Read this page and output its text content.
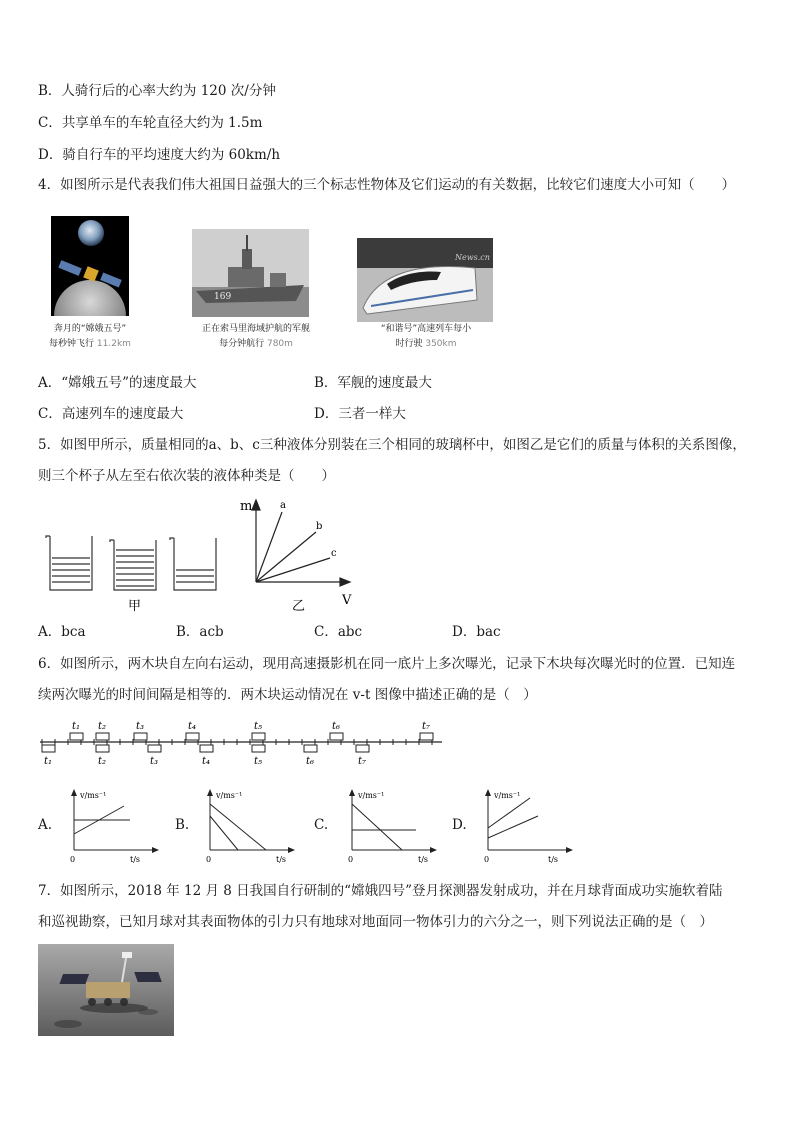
B．人骑行后的心率大约为 120 次/分钟
C．共享单车的车轮直径大约为 1.5m
D．骑自行车的平均速度大约为 60km/h
4．如图所示是代表我们伟大祖国日益强大的三个标志性物体及它们运动的有关数据，比较它们速度大小可知（　　）
奔月的“嫦娥五号”
每秒钟飞行 11.2km
169
正在索马里海域护航的军舰
每分钟航行 780m
News.cn
“和谐号”高速列车每小
时行驶 350km
A．“嫦娥五号”的速度最大	B．军舰的速度最大
C．高速列车的速度最大	D．三者一样大
5．如图甲所示，质量相同的a、b、c三种液体分别装在三个相同的玻璃杯中，如图乙是它们的质量与体积的关系图像，
则三个杯子从左至右依次装的液体种类是（　　）
甲
m
V
a
b
c
乙
A．bca	B．acb	C．abc	D．bac
6．如图所示，两木块自左向右运动，现用高速摄影机在同一底片上多次曝光，记录下木块每次曝光时的位置．已知连
续两次曝光的时间间隔是相等的．两木块运动情况在 v-t 图像中描述正确的是（　）
t₁ t₂	t₃	t₄	t₅	t₆	t₇
t₁	t₂	t₃	t₄	t₅	t₆	t₇
A.	B.	C.	D.
v/ms⁻¹
t/s
0
v/ms⁻¹
t/s
0
v/ms⁻¹
t/s
0
v/ms⁻¹
t/s
0
7．如图所示，2018 年 12 月 8 日我国自行研制的“嫦娥四号”登月探测器发射成功，并在月球背面成功实施软着陆
和巡视勘察，已知月球对其表面物体的引力只有地球对地面同一物体引力的六分之一，则下列说法正确的是（　）
